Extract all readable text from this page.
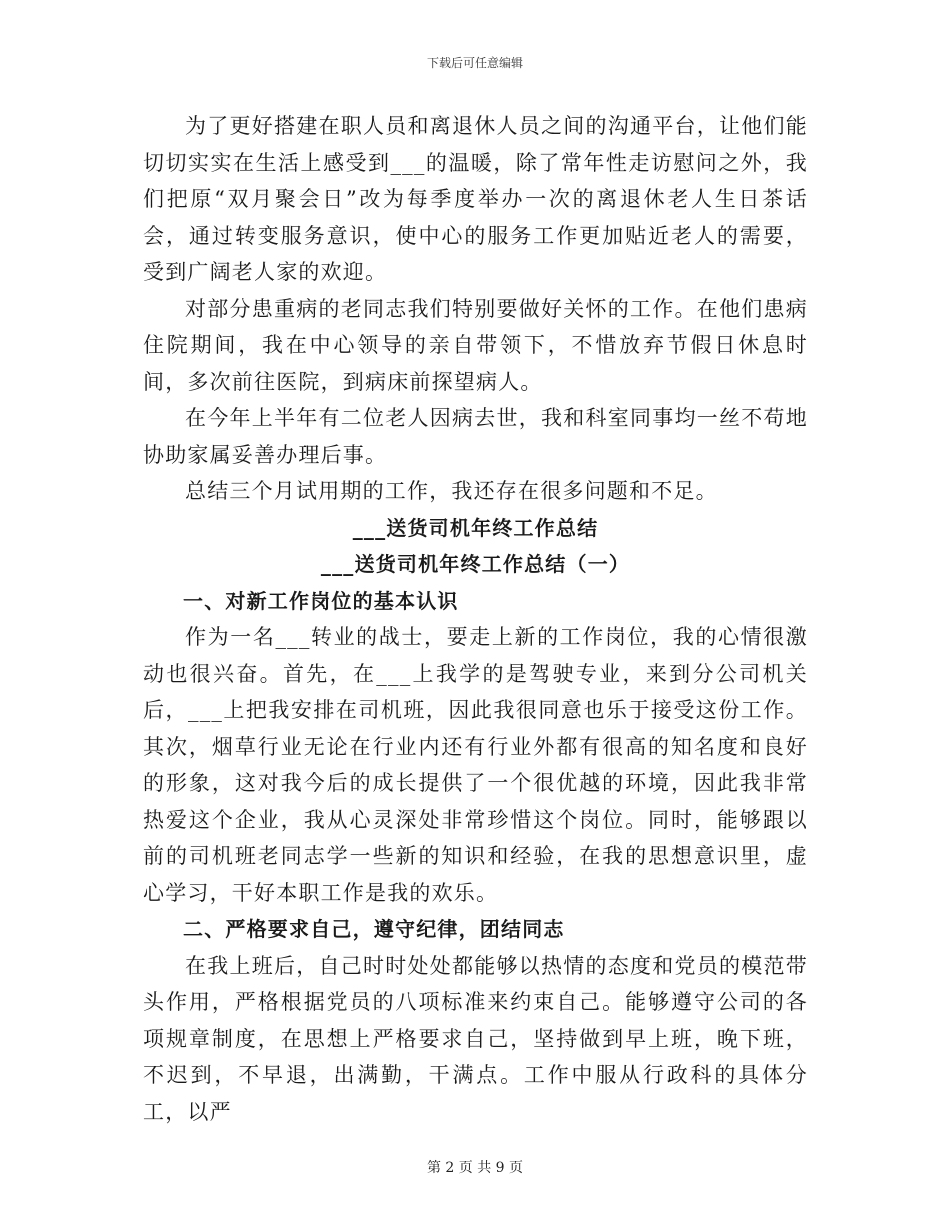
下载后可任意编辑

为了更好搭建在职人员和离退休人员之间的沟通平台，让他们能切切实实在生活上感受到___的温暖，除了常年性走访慰问之外，我们把原“双月聚会日”改为每季度举办一次的离退休老人生日茶话会，通过转变服务意识，使中心的服务工作更加贴近老人的需要，受到广阔老人家的欢迎。

对部分患重病的老同志我们特别要做好关怀的工作。在他们患病住院期间，我在中心领导的亲自带领下，不惜放弃节假日休息时间，多次前往医院，到病床前探望病人。

在今年上半年有二位老人因病去世，我和科室同事均一丝不苟地协助家属妥善办理后事。

总结三个月试用期的工作，我还存在很多问题和不足。

___送货司机年终工作总结

___送货司机年终工作总结（一）

一、对新工作岗位的基本认识

作为一名___转业的战士，要走上新的工作岗位，我的心情很激动也很兴奋。首先，在___上我学的是驾驶专业，来到分公司机关后，___上把我安排在司机班，因此我很同意也乐于接受这份工作。其次，烟草行业无论在行业内还有行业外都有很高的知名度和良好的形象，这对我今后的成长提供了一个很优越的环境，因此我非常热爱这个企业，我从心灵深处非常珍惜这个岗位。同时，能够跟以前的司机班老同志学一些新的知识和经验，在我的思想意识里，虚心学习，干好本职工作是我的欢乐。

二、严格要求自己，遵守纪律，团结同志

在我上班后，自己时时处处都能够以热情的态度和党员的模范带头作用，严格根据党员的八项标准来约束自己。能够遵守公司的各项规章制度，在思想上严格要求自己，坚持做到早上班，晚下班，不迟到，不早退，出满勤，干满点。工作中服从行政科的具体分工，以严

第 2 页 共 9 页
